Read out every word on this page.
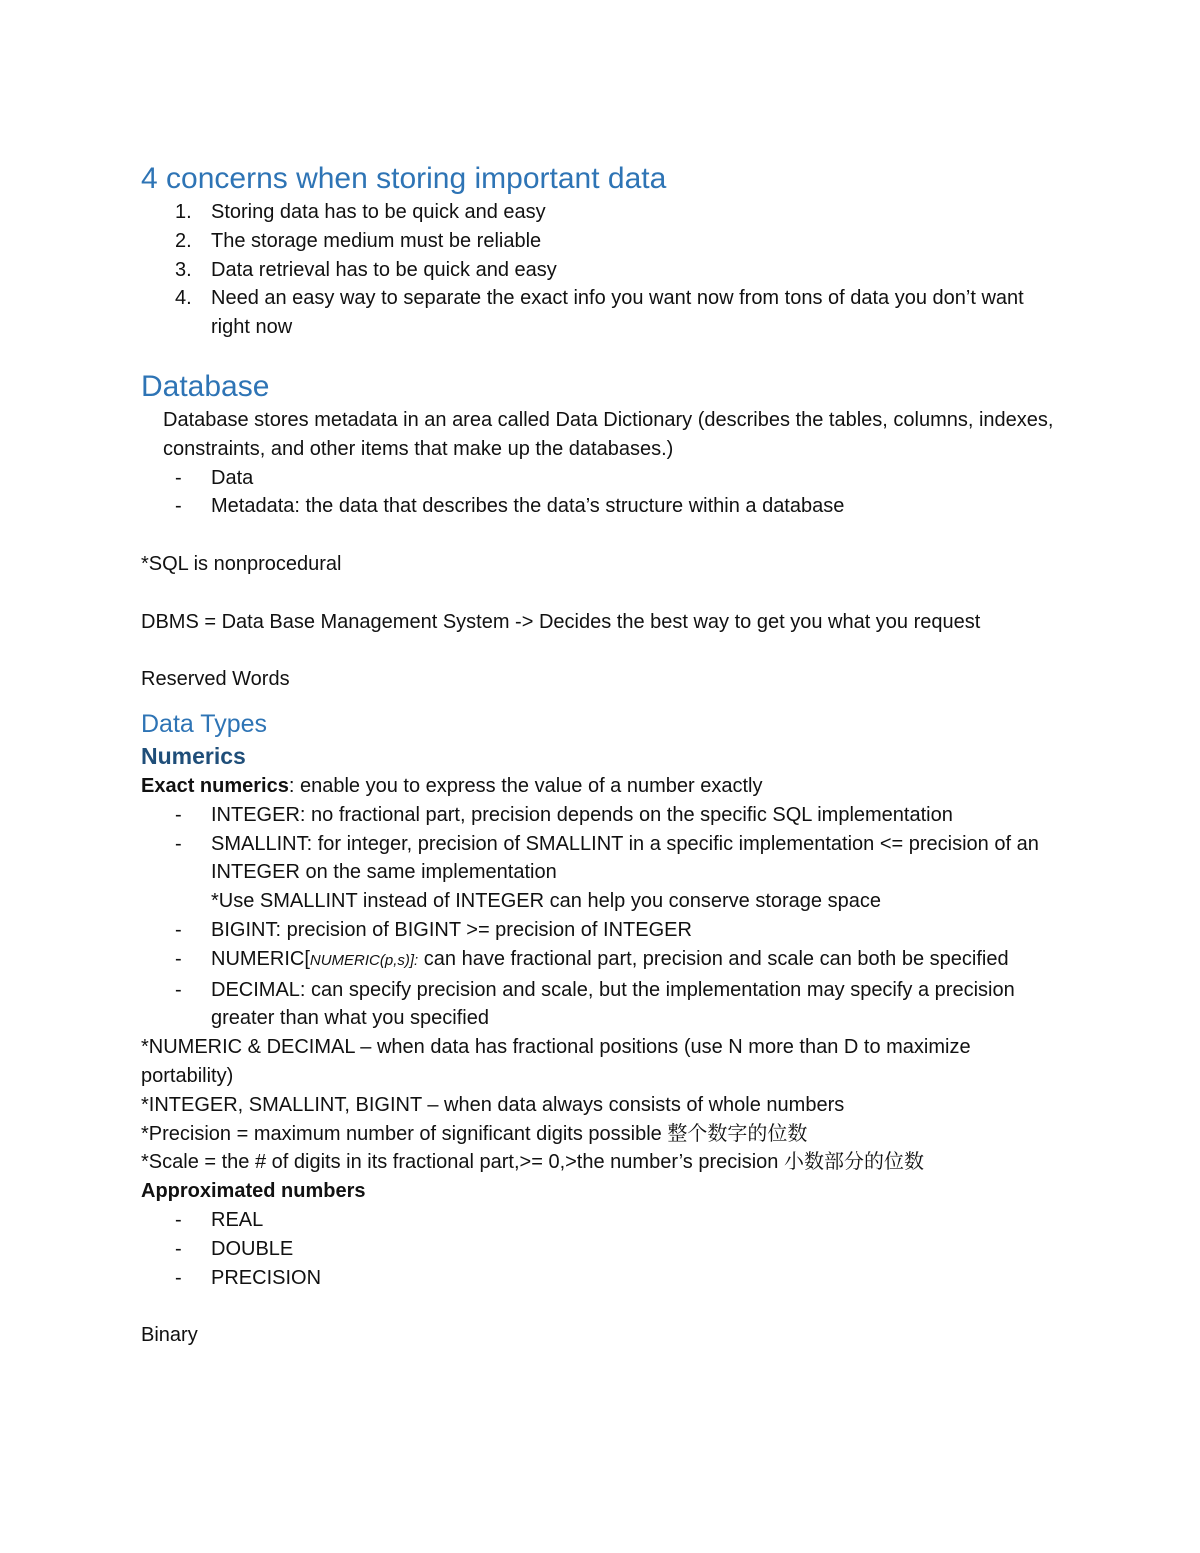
4 concerns when storing important data
1. Storing data has to be quick and easy
2. The storage medium must be reliable
3. Data retrieval has to be quick and easy
4. Need an easy way to separate the exact info you want now from tons of data you don’t want right now
Database

Database stores metadata in an area called Data Dictionary (describes the tables, columns, indexes, constraints, and other items that make up the databases.)

- Data
- Metadata: the data that describes the data’s structure within a database

*SQL is nonprocedural

DBMS = Data Base Management System -> Decides the best way to get you what you request

Reserved Words

Data Types
Numerics

Exact numerics: enable you to express the value of a number exactly

- INTEGER: no fractional part, precision depends on the specific SQL implementation
- SMALLINT: for integer, precision of SMALLINT in a specific implementation <= precision of an INTEGER on the same implementation
*Use SMALLINT instead of INTEGER can help you conserve storage space
- BIGINT: precision of BIGINT >= precision of INTEGER
- NUMERIC[NUMERIC(p,s)]: can have fractional part, precision and scale can both be specified
- DECIMAL: can specify precision and scale, but the implementation may specify a precision greater than what you specified

*NUMERIC & DECIMAL – when data has fractional positions (use N more than D to maximize portability)

*INTEGER, SMALLINT, BIGINT – when data always consists of whole numbers

*Precision = maximum number of significant digits possible 整个数字的位数

*Scale = the # of digits in its fractional part,>= 0,>the number’s precision 小数部分的位数

Approximated numbers

- REAL
- DOUBLE
- PRECISION

Binary
